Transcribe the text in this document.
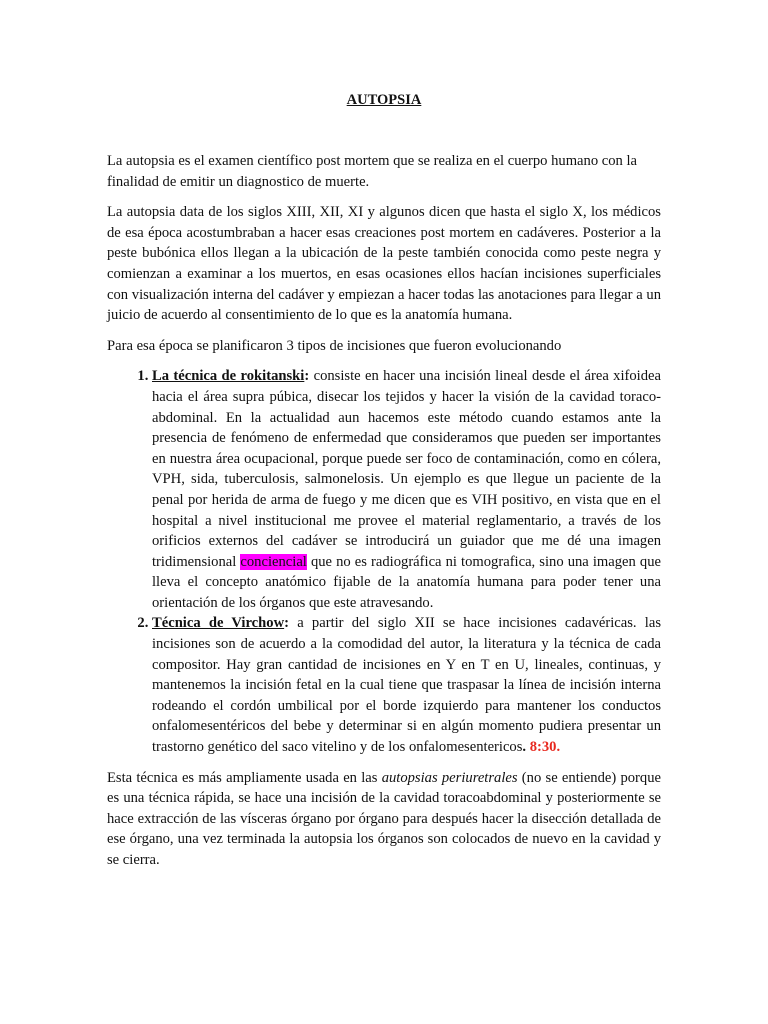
AUTOPSIA

La autopsia es el examen científico post mortem que se realiza en el cuerpo humano con la finalidad de emitir un diagnostico de muerte.

La autopsia data de los siglos XIII, XII, XI y algunos dicen que hasta el siglo X, los médicos de esa época acostumbraban a hacer esas creaciones post mortem en cadáveres. Posterior a la peste bubónica ellos llegan a la ubicación de la peste también conocida como peste negra y comienzan a examinar a los muertos, en esas ocasiones ellos hacían incisiones superficiales con visualización interna del cadáver y empiezan a hacer todas las anotaciones para llegar a un juicio de acuerdo al consentimiento de lo que es la anatomía humana.

Para esa época se planificaron 3 tipos de incisiones que fueron evolucionando

1. La técnica de rokitanski: consiste en hacer una incisión lineal desde el área xifoidea hacia el área supra púbica, disecar los tejidos y hacer la visión de la cavidad toraco-abdominal. En la actualidad aun hacemos este método cuando estamos ante la presencia de fenómeno de enfermedad que consideramos que pueden ser importantes en nuestra área ocupacional, porque puede ser foco de contaminación, como en cólera, VPH, sida, tuberculosis, salmonelosis. Un ejemplo es que llegue un paciente de la penal por herida de arma de fuego y me dicen que es VIH positivo, en vista que en el hospital a nivel institucional me provee el material reglamentario, a través de los orificios externos del cadáver se introducirá un guiador que me dé una imagen tridimensional conciencial que no es radiográfica ni tomografica, sino una imagen que lleva el concepto anatómico fijable de la anatomía humana para poder tener una orientación de los órganos que este atravesando.
2. Técnica de Virchow: a partir del siglo XII se hace incisiones cadavéricas. las incisiones son de acuerdo a la comodidad del autor, la literatura y la técnica de cada compositor. Hay gran cantidad de incisiones en Y en T en U, lineales, continuas, y mantenemos la incisión fetal en la cual tiene que traspasar la línea de incisión interna rodeando el cordón umbilical por el borde izquierdo para mantener los conductos onfalomesentéricos del bebe y determinar si en algún momento pudiera presentar un trastorno genético del saco vitelino y de los onfalomesentericos. 8:30.

Esta técnica es más ampliamente usada en las autopsias periuretrales (no se entiende) porque es una técnica rápida, se hace una incisión de la cavidad toracoabdominal y posteriormente se hace extracción de las vísceras órgano por órgano para después hacer la disección detallada de ese órgano, una vez terminada la autopsia los órganos son colocados de nuevo en la cavidad y se cierra.
